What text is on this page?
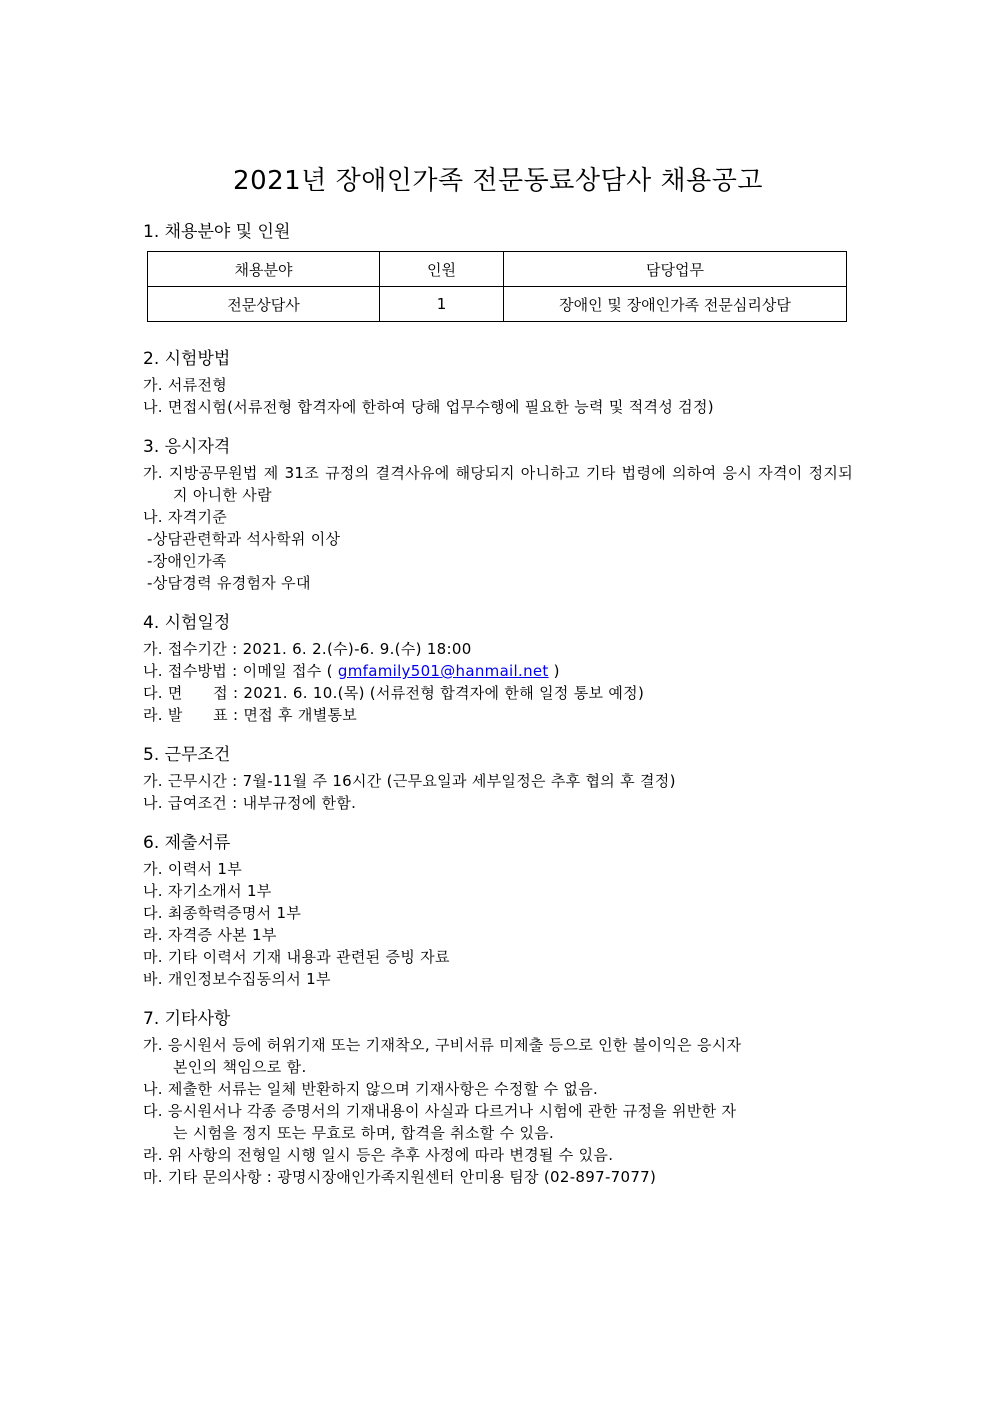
2021년 장애인가족 전문동료상담사 채용공고
1. 채용분야 및 인원
채용분야	인원	담당업무
전문상담사	1	장애인 및 장애인가족 전문심리상담
2. 시험방법
가. 서류전형
나. 면접시험(서류전형 합격자에 한하여 당해 업무수행에 필요한 능력 및 적격성 검정)
3. 응시자격
가. 지방공무원법 제 31조 규정의 결격사유에 해당되지 아니하고 기타 법령에 의하여 응시 자격이 정지되지 아니한 사람
나. 자격기준
-상담관련학과 석사학위 이상
-장애인가족
-상담경력 유경험자 우대
4. 시험일정
가. 접수기간 : 2021. 6. 2.(수)-6. 9.(수) 18:00
나. 접수방법 : 이메일 접수 ( gmfamily501@hanmail.net )
다. 면      접 : 2021. 6. 10.(목) (서류전형 합격자에 한해 일정 통보 예정)
라. 발      표 : 면접 후 개별통보
5. 근무조건
가. 근무시간 : 7월-11월 주 16시간 (근무요일과 세부일정은 추후 협의 후 결정)
나. 급여조건 : 내부규정에 한함.
6. 제출서류
가. 이력서 1부
나. 자기소개서 1부
다. 최종학력증명서 1부
라. 자격증 사본 1부
마. 기타 이력서 기재 내용과 관련된 증빙 자료
바. 개인정보수집동의서 1부
7. 기타사항
가. 응시원서 등에 허위기재 또는 기재착오, 구비서류 미제출 등으로 인한 불이익은 응시자
본인의 책임으로 함.
나. 제출한 서류는 일체 반환하지 않으며 기재사항은 수정할 수 없음.
다. 응시원서나 각종 증명서의 기재내용이 사실과 다르거나 시험에 관한 규정을 위반한 자
는 시험을 정지 또는 무효로 하며, 합격을 취소할 수 있음.
라. 위 사항의 전형일 시행 일시 등은 추후 사정에 따라 변경될 수 있음.
마. 기타 문의사항 : 광명시장애인가족지원센터 안미용 팀장 (02-897-7077)
